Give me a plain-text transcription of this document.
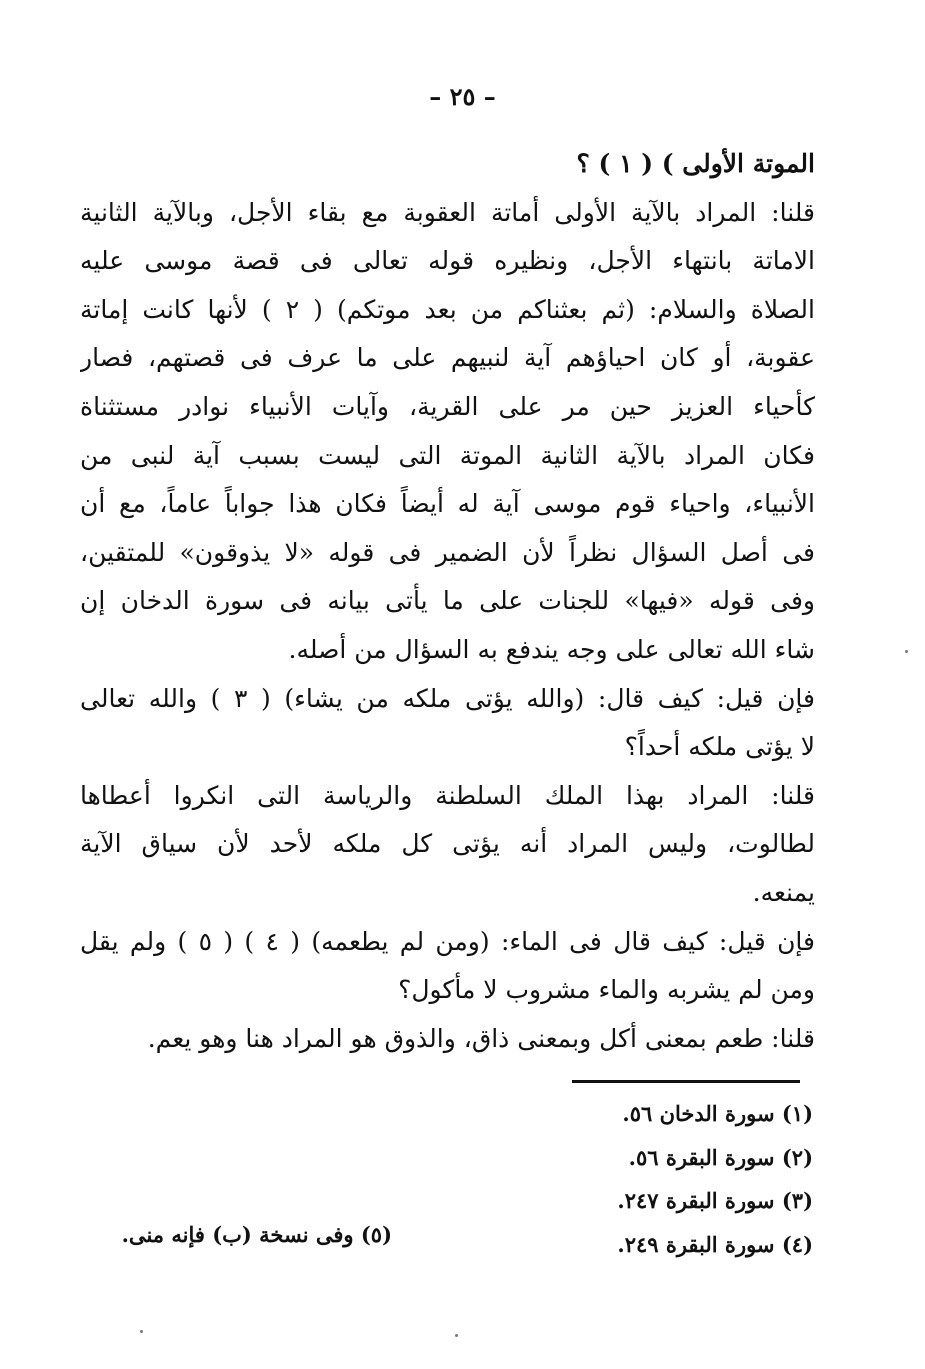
– ٢٥ –
الموتة الأولى ) ( ١ ) ؟
قلنا: المراد بالآية الأولى أماتة العقوبة مع بقاء الأجل، وبالآية الثانية
الاماتة بانتهاء الأجل، ونظيره قوله تعالى فى قصة موسى عليه
الصلاة والسلام: (ثم بعثناكم من بعد موتكم) ( ٢ ) لأنها كانت إماتة
عقوبة، أو كان احياؤهم آية لنبيهم على ما عرف فى قصتهم، فصار
كأحياء العزيز حين مر على القرية، وآيات الأنبياء نوادر مستثناة
فكان المراد بالآية الثانية الموتة التى ليست بسبب آية لنبى من
الأنبياء، واحياء قوم موسى آية له أيضاً فكان هذا جواباً عاماً، مع أن
فى أصل السؤال نظراً لأن الضمير فى قوله «لا يذوقون» للمتقين،
وفى قوله «فيها» للجنات على ما يأتى بيانه فى سورة الدخان إن
شاء الله تعالى على وجه يندفع به السؤال من أصله.
فإن قيل: كيف قال: (والله يؤتى ملكه من يشاء) ( ٣ ) والله تعالى
لا يؤتى ملكه أحداً؟
قلنا: المراد بهذا الملك السلطنة والرياسة التى انكروا أعطاها
لطالوت، وليس المراد أنه يؤتى كل ملكه لأحد لأن سياق الآية
يمنعه.
فإن قيل: كيف قال فى الماء: (ومن لم يطعمه) ( ٤ ) ( ٥ ) ولم يقل
ومن لم يشربه والماء مشروب لا مأكول؟
قلنا: طعم بمعنى أكل وبمعنى ذاق، والذوق هو المراد هنا وهو يعم.
(١) سورة الدخان ٥٦.
(٢) سورة البقرة ٥٦.
(٣) سورة البقرة ٢٤٧.
(٤) سورة البقرة ٢٤٩.
(٥) وفى نسخة (ب) فإنه منى.
